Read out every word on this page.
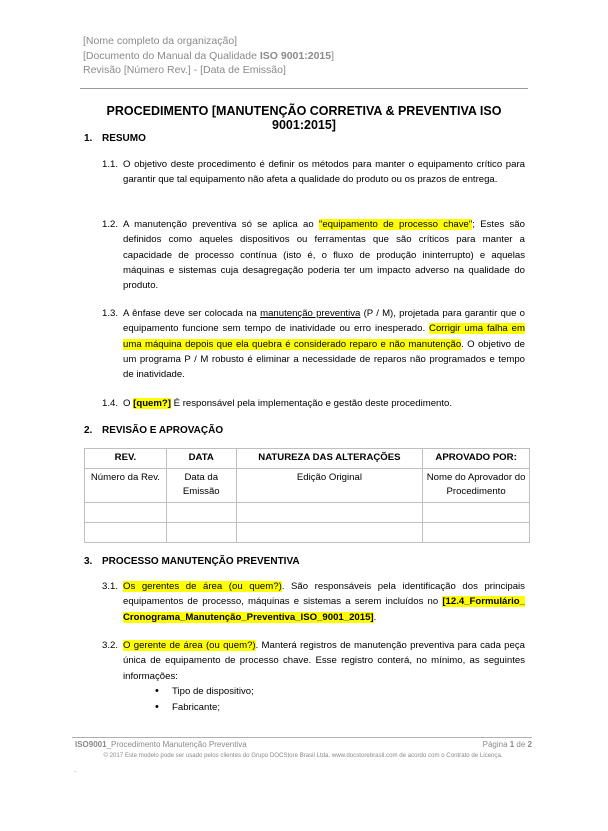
[Nome completo da organização]
[Documento do Manual da Qualidade ISO 9001:2015]
Revisão [Número Rev.] - [Data de Emissão]
PROCEDIMENTO [MANUTENÇÃO CORRETIVA & PREVENTIVA ISO 9001:2015]
1. RESUMO
1.1. O objetivo deste procedimento é definir os métodos para manter o equipamento crítico para garantir que tal equipamento não afeta a qualidade do produto ou os prazos de entrega.
1.2. A manutenção preventiva só se aplica ao "equipamento de processo chave"; Estes são definidos como aqueles dispositivos ou ferramentas que são críticos para manter a capacidade de processo contínua (isto é, o fluxo de produção ininterrupto) e aquelas máquinas e sistemas cuja desagregação poderia ter um impacto adverso na qualidade do produto.
1.3. A ênfase deve ser colocada na manutenção preventiva (P / M), projetada para garantir que o equipamento funcione sem tempo de inatividade ou erro inesperado. Corrigir uma falha em uma máquina depois que ela quebra é considerado reparo e não manutenção. O objetivo de um programa P / M robusto é eliminar a necessidade de reparos não programados e tempo de inatividade.
1.4. O [quem?] É responsável pela implementação e gestão deste procedimento.
2. REVISÃO E APROVAÇÃO
REV.	DATA	NATUREZA DAS ALTERAÇÕES	APROVADO POR:
Número da Rev.	Data da Emissão	Edição Original	Nome do Aprovador do Procedimento

3. PROCESSO MANUTENÇÃO PREVENTIVA
3.1. Os gerentes de área (ou quem?). São responsáveis pela identificação dos principais equipamentos de processo, máquinas e sistemas a serem incluídos no [12.4_Formulário_ Cronograma_Manutenção_Preventiva_ISO_9001_2015].
3.2. O gerente de área (ou quem?). Manterá registros de manutenção preventiva para cada peça única de equipamento de processo chave. Esse registro conterá, no mínimo, as seguintes informações:
• Tipo de dispositivo;
• Fabricante;
ISO9001_Procedimento Manutenção Preventiva	Página 1 de 2
© 2017 Este modelo pode ser usado pelos clientes do Grupo DOCStore Brasil Ltda. www.docstorebrasil.com de acordo com o Contrato de Licença.
.
